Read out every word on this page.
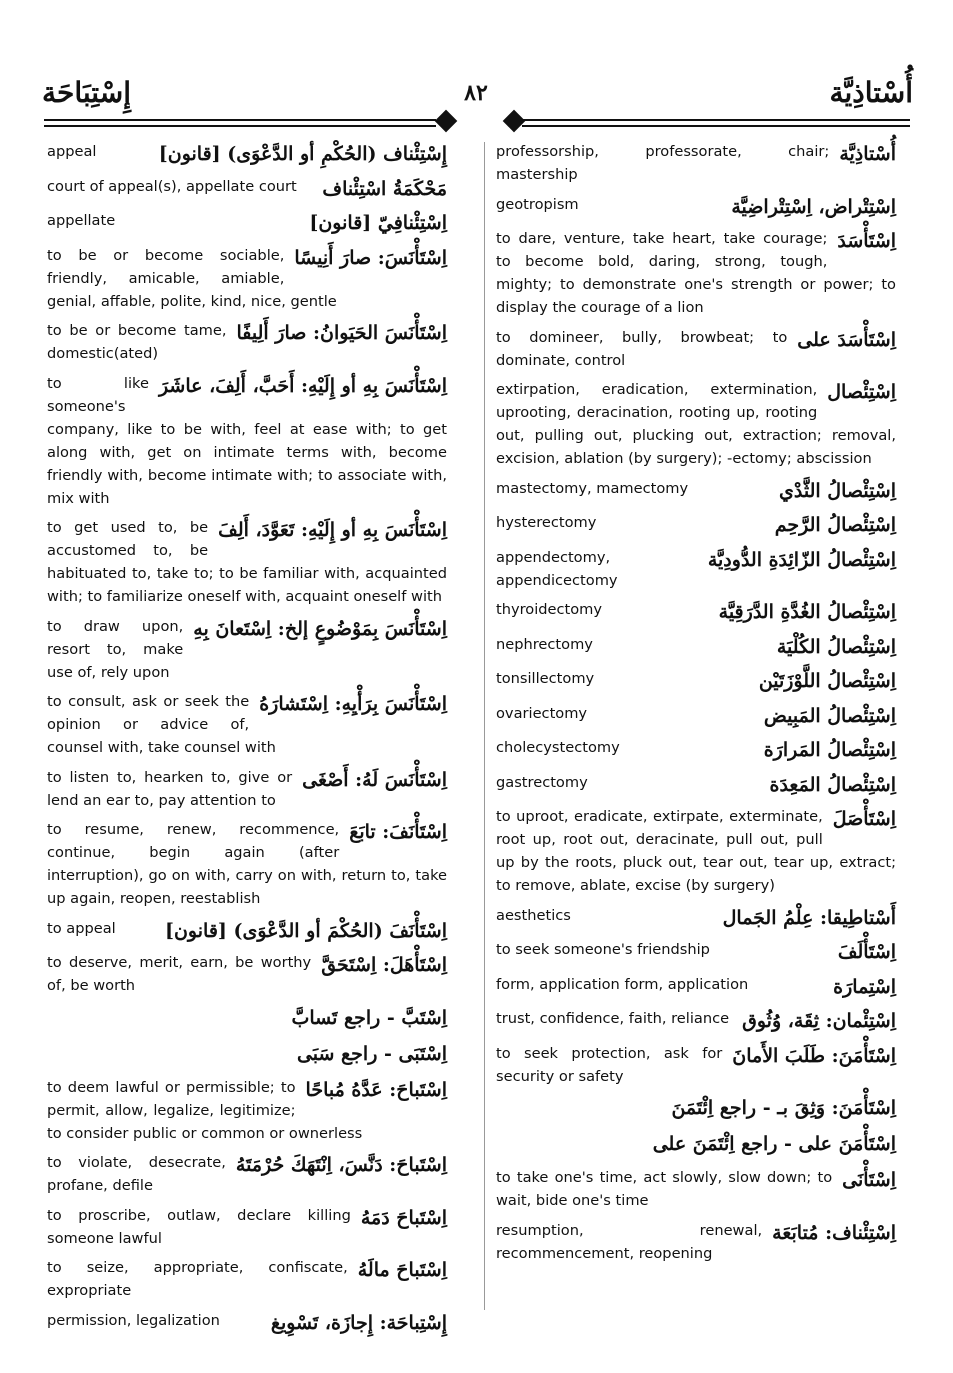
إِسْتِبَاحَة	٨٢	أُسْتاذِيَّة
إِسْتِئْناف (الحُكْمِ أو الدَّعْوَى) [قانون]
appeal
مَحْكَمَةُ اسْتِئْناف
court of appeal(s), appellate court
اِسْتِئْنافِيّ [قانون]
appellate
اِسْتَأْنَسَ: صارَ أَنِيسًا
to be or become sociable, friendly, amicable, amiable, genial, affable, polite, kind, nice, gentle
اِسْتَأْنَسَ الحَيَوانُ: صارَ أَلِيفًا
to be or become tame, domestic(ated)
اِسْتَأْنَسَ بِهِ أو إِلَيْهِ: أَحَبَّ، أَلِفَ، عاشَرَ
to like someone's company, like to be with, feel at ease with; to get along with, get on intimate terms with, become friendly with, become intimate with; to associate with, mix with
اِسْتَأْنَسَ بِهِ أو إِلَيْهِ: تَعَوَّدَ، أَلِفَ
to get used to, be accustomed to, be habituated to, take to; to be familiar with, acquainted with; to familiarize oneself with, acquaint oneself with
اِسْتَأْنَسَ بِمَوْضُوعٍ إلخ: اِسْتَعانَ بِهِ
to draw upon, resort to, make use of, rely upon
اِسْتَأْنَسَ بِرَأْيِهِ: اِسْتَشارَهُ
to consult, ask or seek the opinion or advice of, counsel with, take counsel with
اِسْتَأْنَسَ لَهُ: أَصْغَى
to listen to, hearken to, give or lend an ear to, pay attention to
اِسْتَأْنَفَ: تابَعَ
to resume, renew, recommence, continue, begin again (after interruption), go on with, carry on with, return to, take up again, reopen, reestablish
اِسْتَأْنَفَ (الحُكْمَ أو الدَّعْوَى) [قانون]
to appeal
اِسْتَأْهَلَ: اِسْتَحَقَّ
to deserve, merit, earn, be worthy of, be worth
اِسْتَبَّ - راجع تَسابَّ
اِسْتَبَى - راجع سَبَى
اِسْتَباحَ: عَدَّهُ مُباحًا
to deem lawful or permissible; to permit, allow, legalize, legitimize; to consider public or common or ownerless
اِسْتَباحَ: دَنَّسَ، اِنْتَهَكَ حُرْمَتَهُ
to violate, desecrate, profane, defile
اِسْتَباحَ دَمَهُ
to proscribe, outlaw, declare killing someone lawful
اِسْتَباحَ مالَهُ
to seize, appropriate, confiscate, expropriate
إِسْتِباحَة: إِجازَة، تَسْوِيغ
permission, legalization
أُسْتاذِيَّة
professorship, professorate, chair; mastership
اِسْتِتْراض، اِسْتِتْراضِيَّة
geotropism
اِسْتَأْسَدَ
to dare, venture, take heart, take courage; to become bold, daring, strong, tough, mighty; to demonstrate one's strength or power; to display the courage of a lion
اِسْتَأْسَدَ على
to domineer, bully, browbeat; to dominate, control
اِسْتِئْصال
extirpation, eradication, extermination, uprooting, deracination, rooting up, rooting out, pulling out, plucking out, extraction; removal, excision, ablation (by surgery); -ectomy; abscission
اِسْتِئْصالُ الثَّدْي
mastectomy, mamectomy
اِسْتِئْصالُ الرَّحِم
hysterectomy
اِسْتِئْصالُ الزّائِدَةِ الدُّودِيَّة
appendectomy, appendicectomy
اِسْتِئْصالُ الغُدَّةِ الدَّرَقِيَّة
thyroidectomy
اِسْتِئْصالُ الكُلْيَة
nephrectomy
اِسْتِئْصالُ اللَّوْزَتَيْن
tonsillectomy
اِسْتِئْصالُ المَبِيض
ovariectomy
اِسْتِئْصالُ المَرارَة
cholecystectomy
اِسْتِئْصالُ المَعِدَة
gastrectomy
اِسْتَأْصَلَ
to uproot, eradicate, extirpate, exterminate, root up, root out, deracinate, pull out, pull up by the roots, pluck out, tear out, tear up, extract; to remove, ablate, excise (by surgery)
أَسْتاطِيقا: عِلْمُ الجَمال
aesthetics
اِسْتَأْلَفَ
to seek someone's friendship
اِسْتِمارَة
form, application form, application
اِسْتِئْمان: ثِقَة، وُثُوق
trust, confidence, faith, reliance
اِسْتَأْمَنَ: طَلَبَ الأَمانَ
to seek protection, ask for security or safety
اِسْتَأْمَنَ: وَثِقَ بـ - راجع اِئْتَمَنَ
اِسْتَأْمَنَ على - راجع اِئْتَمَنَ على
اِسْتَأْنَى
to take one's time, act slowly, slow down; to wait, bide one's time
اِسْتِئْناف: مُتابَعَة
resumption, renewal, recommencement, reopening
